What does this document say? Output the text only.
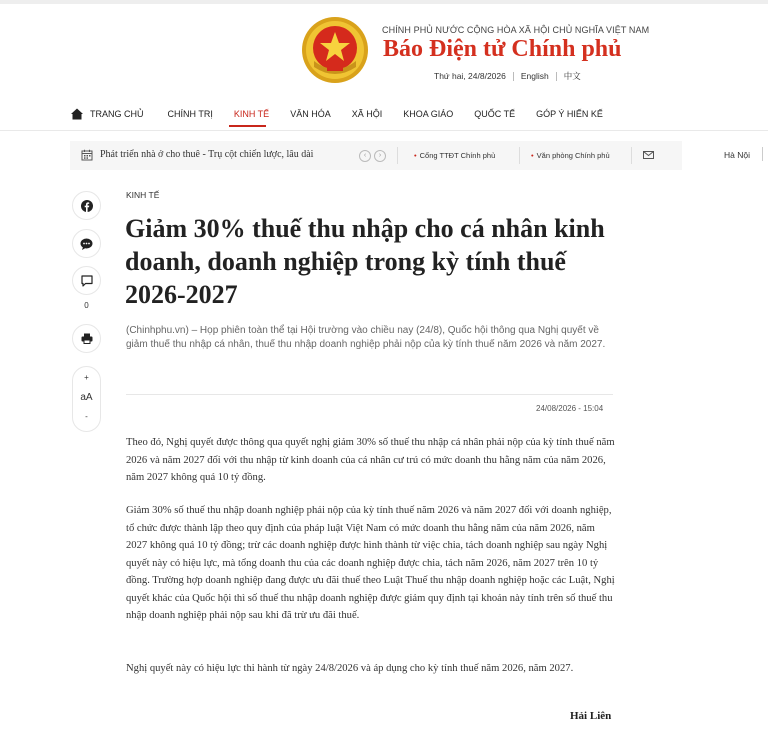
CHÍNH PHỦ NƯỚC CỘNG HÒA XÃ HỘI CHỦ NGHĨA VIỆT NAM
Báo Điện tử Chính phủ
Thứ hai, 24/8/2026 English 中文
TRANG CHỦ	CHÍNH TRỊ KINH TẾ VĂN HÓA XÃ HỘI KHOA GIÁO QUỐC TẾ GÓP Ý HIẾN KẾ
Phát triển nhà ở cho thuê - Trụ cột chiến lược, lâu dài	‹	›	• Cổng TTĐT Chính phủ	• Văn phòng Chính phủ	Hà Nội
0
+
aA
-
KINH TẾ
Giảm 30% thuế thu nhập cho cá nhân kinh doanh, doanh nghiệp trong kỳ tính thuế 2026-2027

(Chinhphu.vn) – Họp phiên toàn thể tại Hội trường vào chiều nay (24/8), Quốc hội thông qua Nghị quyết về giảm thuế thu nhập cá nhân, thuế thu nhập doanh nghiệp phải nộp của kỳ tính thuế năm 2026 và năm 2027.

24/08/2026 - 15:04

Theo đó, Nghị quyết được thông qua quyết nghị giảm 30% số thuế thu nhập cá nhân phải nộp của kỳ tính thuế năm 2026 và năm 2027 đối với thu nhập từ kinh doanh của cá nhân cư trú có mức doanh thu hằng năm của năm 2026, năm 2027 không quá 10 tỷ đồng.

Giảm 30% số thuế thu nhập doanh nghiệp phải nộp của kỳ tính thuế năm 2026 và năm 2027 đối với doanh nghiệp, tổ chức được thành lập theo quy định của pháp luật Việt Nam có mức doanh thu hằng năm của năm 2026, năm 2027 không quá 10 tỷ đồng; trừ các doanh nghiệp được hình thành từ việc chia, tách doanh nghiệp sau ngày Nghị quyết này có hiệu lực, mà tổng doanh thu của các doanh nghiệp được chia, tách năm 2026, năm 2027 trên 10 tỷ đồng. Trường hợp doanh nghiệp đang được ưu đãi thuế theo Luật Thuế thu nhập doanh nghiệp hoặc các Luật, Nghị quyết khác của Quốc hội thì số thuế thu nhập doanh nghiệp được giảm quy định tại khoản này tính trên số thuế thu nhập doanh nghiệp phải nộp sau khi đã trừ ưu đãi thuế.

Nghị quyết này có hiệu lực thi hành từ ngày 24/8/2026 và áp dụng cho kỳ tính thuế năm 2026, năm 2027.

Hải Liên
